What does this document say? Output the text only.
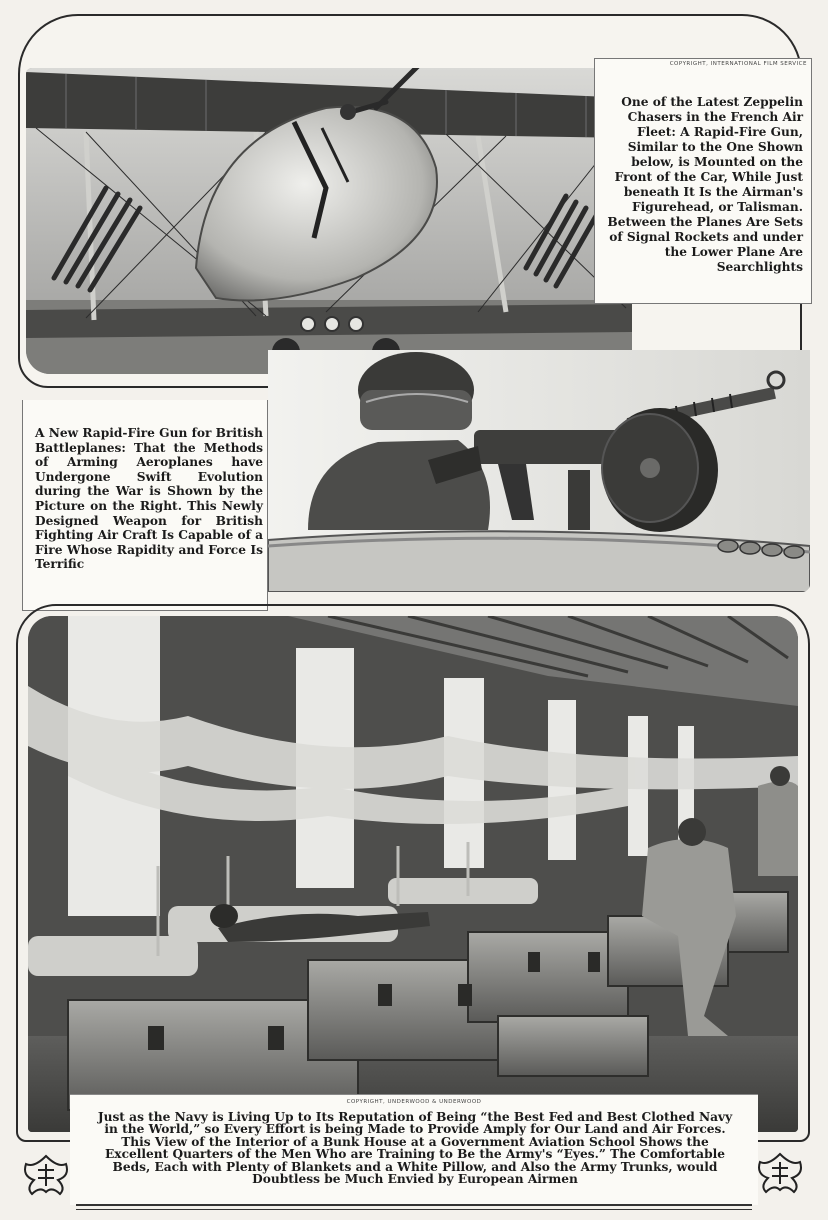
COPYRIGHT, INTERNATIONAL FILM SERVICE
One of the Latest Zeppelin Chasers in the French Air Fleet: A Rapid-Fire Gun, Similar to the One Shown below, is Mounted on the Front of the Car, While Just beneath It Is the Airman's Figurehead, or Talisman. Between the Planes Are Sets of Signal Rockets and under the Lower Plane Are Searchlights
A New Rapid-Fire Gun for British Battleplanes: That the Methods of Arming Aeroplanes have Undergone Swift Evolution during the War is Shown by the Picture on the Right. This Newly Designed Weapon for British Fighting Air Craft Is Capable of a Fire Whose Rapidity and Force Is Terrific
COPYRIGHT, UNDERWOOD & UNDERWOOD
Just as the Navy is Living Up to Its Reputation of Being “the Best Fed and Best Clothed Navy in the World,” so Every Effort is being Made to Provide Amply for Our Land and Air Forces. This View of the Interior of a Bunk House at a Government Aviation School Shows the Excellent Quarters of the Men Who are Training to Be the Army's “Eyes.” The Comfortable Beds, Each with Plenty of Blankets and a White Pillow, and Also the Army Trunks, would Doubtless be Much Envied by European Airmen
